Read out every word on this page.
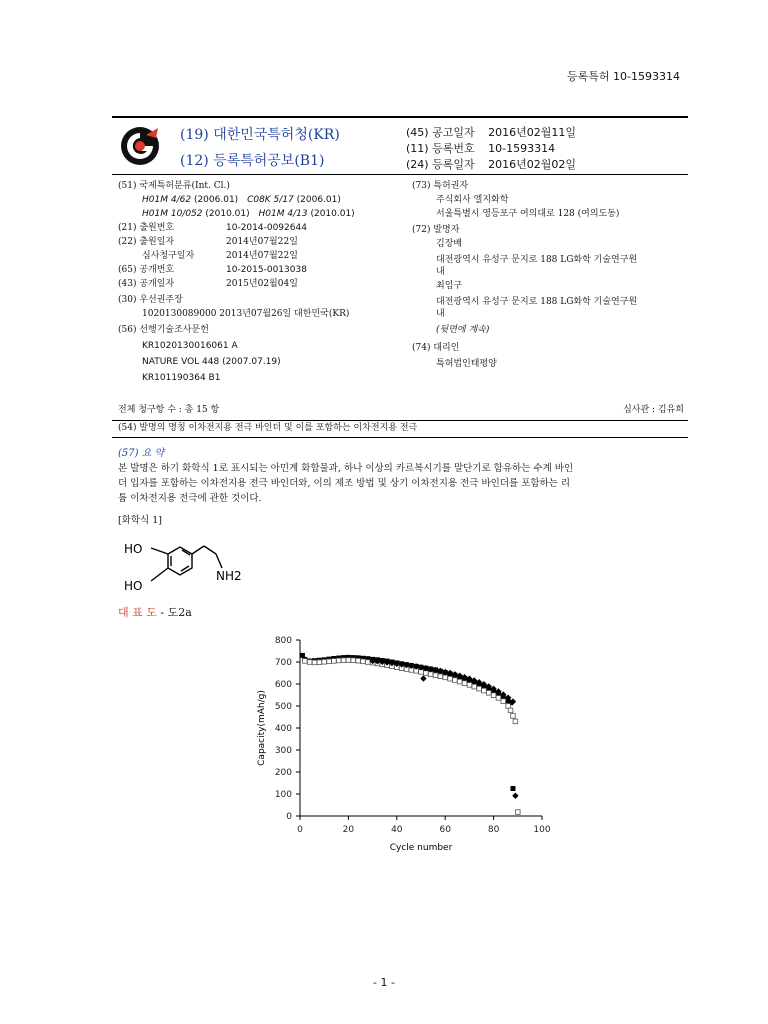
등록특허 10-1593314
(19) 대한민국특허청(KR)
(12) 등록특허공보(B1)
(45) 공고일자 2016년02월11일
(11) 등록번호 10-1593314
(24) 등록일자 2016년02월02일
(51) 국제특허분류(Int. Cl.)
H01M 4/62 (2006.01) C08K 5/17 (2006.01)
H01M 10/052 (2010.01) H01M 4/13 (2010.01)
(21) 출원번호	10-2014-0092644
(22) 출원일자	2014년07월22일
심사청구일자	2014년07월22일
(65) 공개번호	10-2015-0013038
(43) 공개일자	2015년02월04일
(30) 우선권주장
1020130089000 2013년07월26일 대한민국(KR)
(56) 선행기술조사문헌
KR1020130016061 A
NATURE VOL 448 (2007.07.19)
KR101190364 B1
(73) 특허권자
주식회사 엘지화학
서울특별시 영등포구 여의대로 128 (여의도동)
(72) 발명자
김장배
대전광역시 유성구 문지로 188 LG화학 기술연구원
내
최임구
대전광역시 유성구 문지로 188 LG화학 기술연구원
내
(뒷면에 계속)
(74) 대리인
특허법인태평양
전체 청구항 수 : 총 15 항	심사관 : 김유희
(54) 발명의 명칭 이차전지용 전극 바인더 및 이를 포함하는 이차전지용 전극
(57) 요 약
본 발명은 하기 화학식 1로 표시되는 아민계 화합물과, 하나 이상의 카르복시기를 말단기로 함유하는 수계 바인
더 입자를 포함하는 이차전지용 전극 바인더와, 이의 제조 방법 및 상기 이차전지용 전극 바인더를 포함하는 리
튬 이차전지용 전극에 관한 것이다.
[화학식 1]
HO
HO
NH2
대 표 도 - 도2a
0	20	40	60	80	100
0
100
200
300
400
500
600
700
800
Cycle number
Capacity(mAh/g)
- 1 -
